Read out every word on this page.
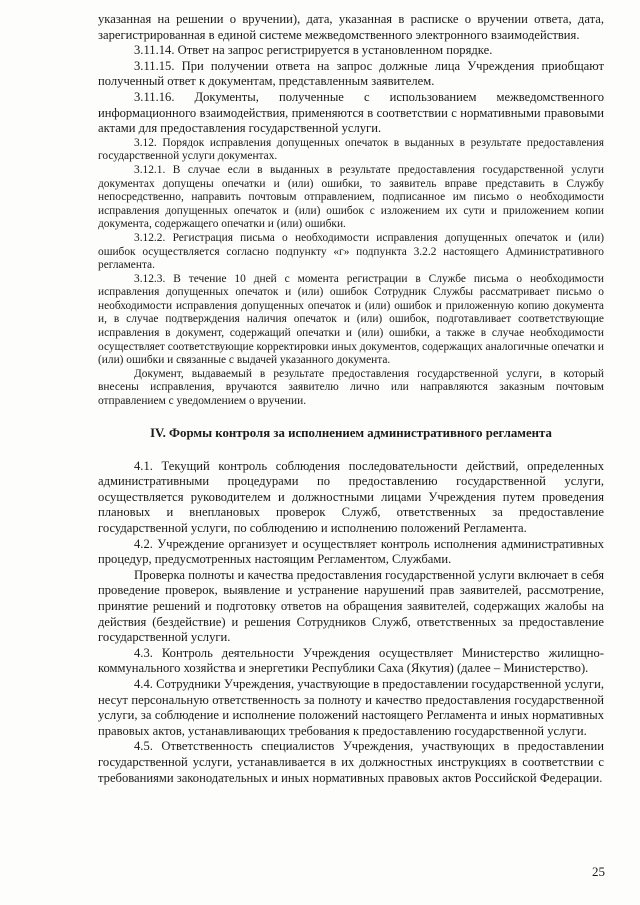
указанная на решении о вручении), дата, указанная в расписке о вручении ответа, дата, зарегистрированная в единой системе межведомственного электронного взаимодействия.

3.11.14. Ответ на запрос регистрируется в установленном порядке.

3.11.15. При получении ответа на запрос должные лица Учреждения приобщают полученный ответ к документам, представленным заявителем.

3.11.16. Документы, полученные с использованием межведомственного информационного взаимодействия, применяются в соответствии с нормативными правовыми актами для предоставления государственной услуги.

3.12. Порядок исправления допущенных опечаток в выданных в результате предоставления государственной услуги документах.

3.12.1. В случае если в выданных в результате предоставления государственной услуги документах допущены опечатки и (или) ошибки, то заявитель вправе представить в Службу непосредственно, направить почтовым отправлением, подписанное им письмо о необходимости исправления допущенных опечаток и (или) ошибок с изложением их сути и приложением копии документа, содержащего опечатки и (или) ошибки.

3.12.2. Регистрация письма о необходимости исправления допущенных опечаток и (или) ошибок осуществляется согласно подпункту «г» подпункта 3.2.2 настоящего Административного регламента.

3.12.3. В течение 10 дней с момента регистрации в Службе письма о необходимости исправления допущенных опечаток и (или) ошибок Сотрудник Службы рассматривает письмо о необходимости исправления допущенных опечаток и (или) ошибок и приложенную копию документа и, в случае подтверждения наличия опечаток и (или) ошибок, подготавливает соответствующие исправления в документ, содержащий опечатки и (или) ошибки, а также в случае необходимости осуществляет соответствующие корректировки иных документов, содержащих аналогичные опечатки и (или) ошибки и связанные с выдачей указанного документа.

Документ, выдаваемый в результате предоставления государственной услуги, в который внесены исправления, вручаются заявителю лично или направляются заказным почтовым отправлением с уведомлением о вручении.

IV. Формы контроля за исполнением административного регламента

4.1. Текущий контроль соблюдения последовательности действий, определенных административными процедурами по предоставлению государственной услуги, осуществляется руководителем и должностными лицами Учреждения путем проведения плановых и внеплановых проверок Служб, ответственных за предоставление государственной услуги, по соблюдению и исполнению положений Регламента.

4.2. Учреждение организует и осуществляет контроль исполнения административных процедур, предусмотренных настоящим Регламентом, Службами.

Проверка полноты и качества предоставления государственной услуги включает в себя проведение проверок, выявление и устранение нарушений прав заявителей, рассмотрение, принятие решений и подготовку ответов на обращения заявителей, содержащих жалобы на действия (бездействие) и решения Сотрудников Служб, ответственных за предоставление государственной услуги.

4.3. Контроль деятельности Учреждения осуществляет Министерство жилищно-коммунального хозяйства и энергетики Республики Саха (Якутия) (далее – Министерство).

4.4. Сотрудники Учреждения, участвующие в предоставлении государственной услуги, несут персональную ответственность за полноту и качество предоставления государственной услуги, за соблюдение и исполнение положений настоящего Регламента и иных нормативных правовых актов, устанавливающих требования к предоставлению государственной услуги.

4.5. Ответственность специалистов Учреждения, участвующих в предоставлении государственной услуги, устанавливается в их должностных инструкциях в соответствии с требованиями законодательных и иных нормативных правовых актов Российской Федерации.

25
